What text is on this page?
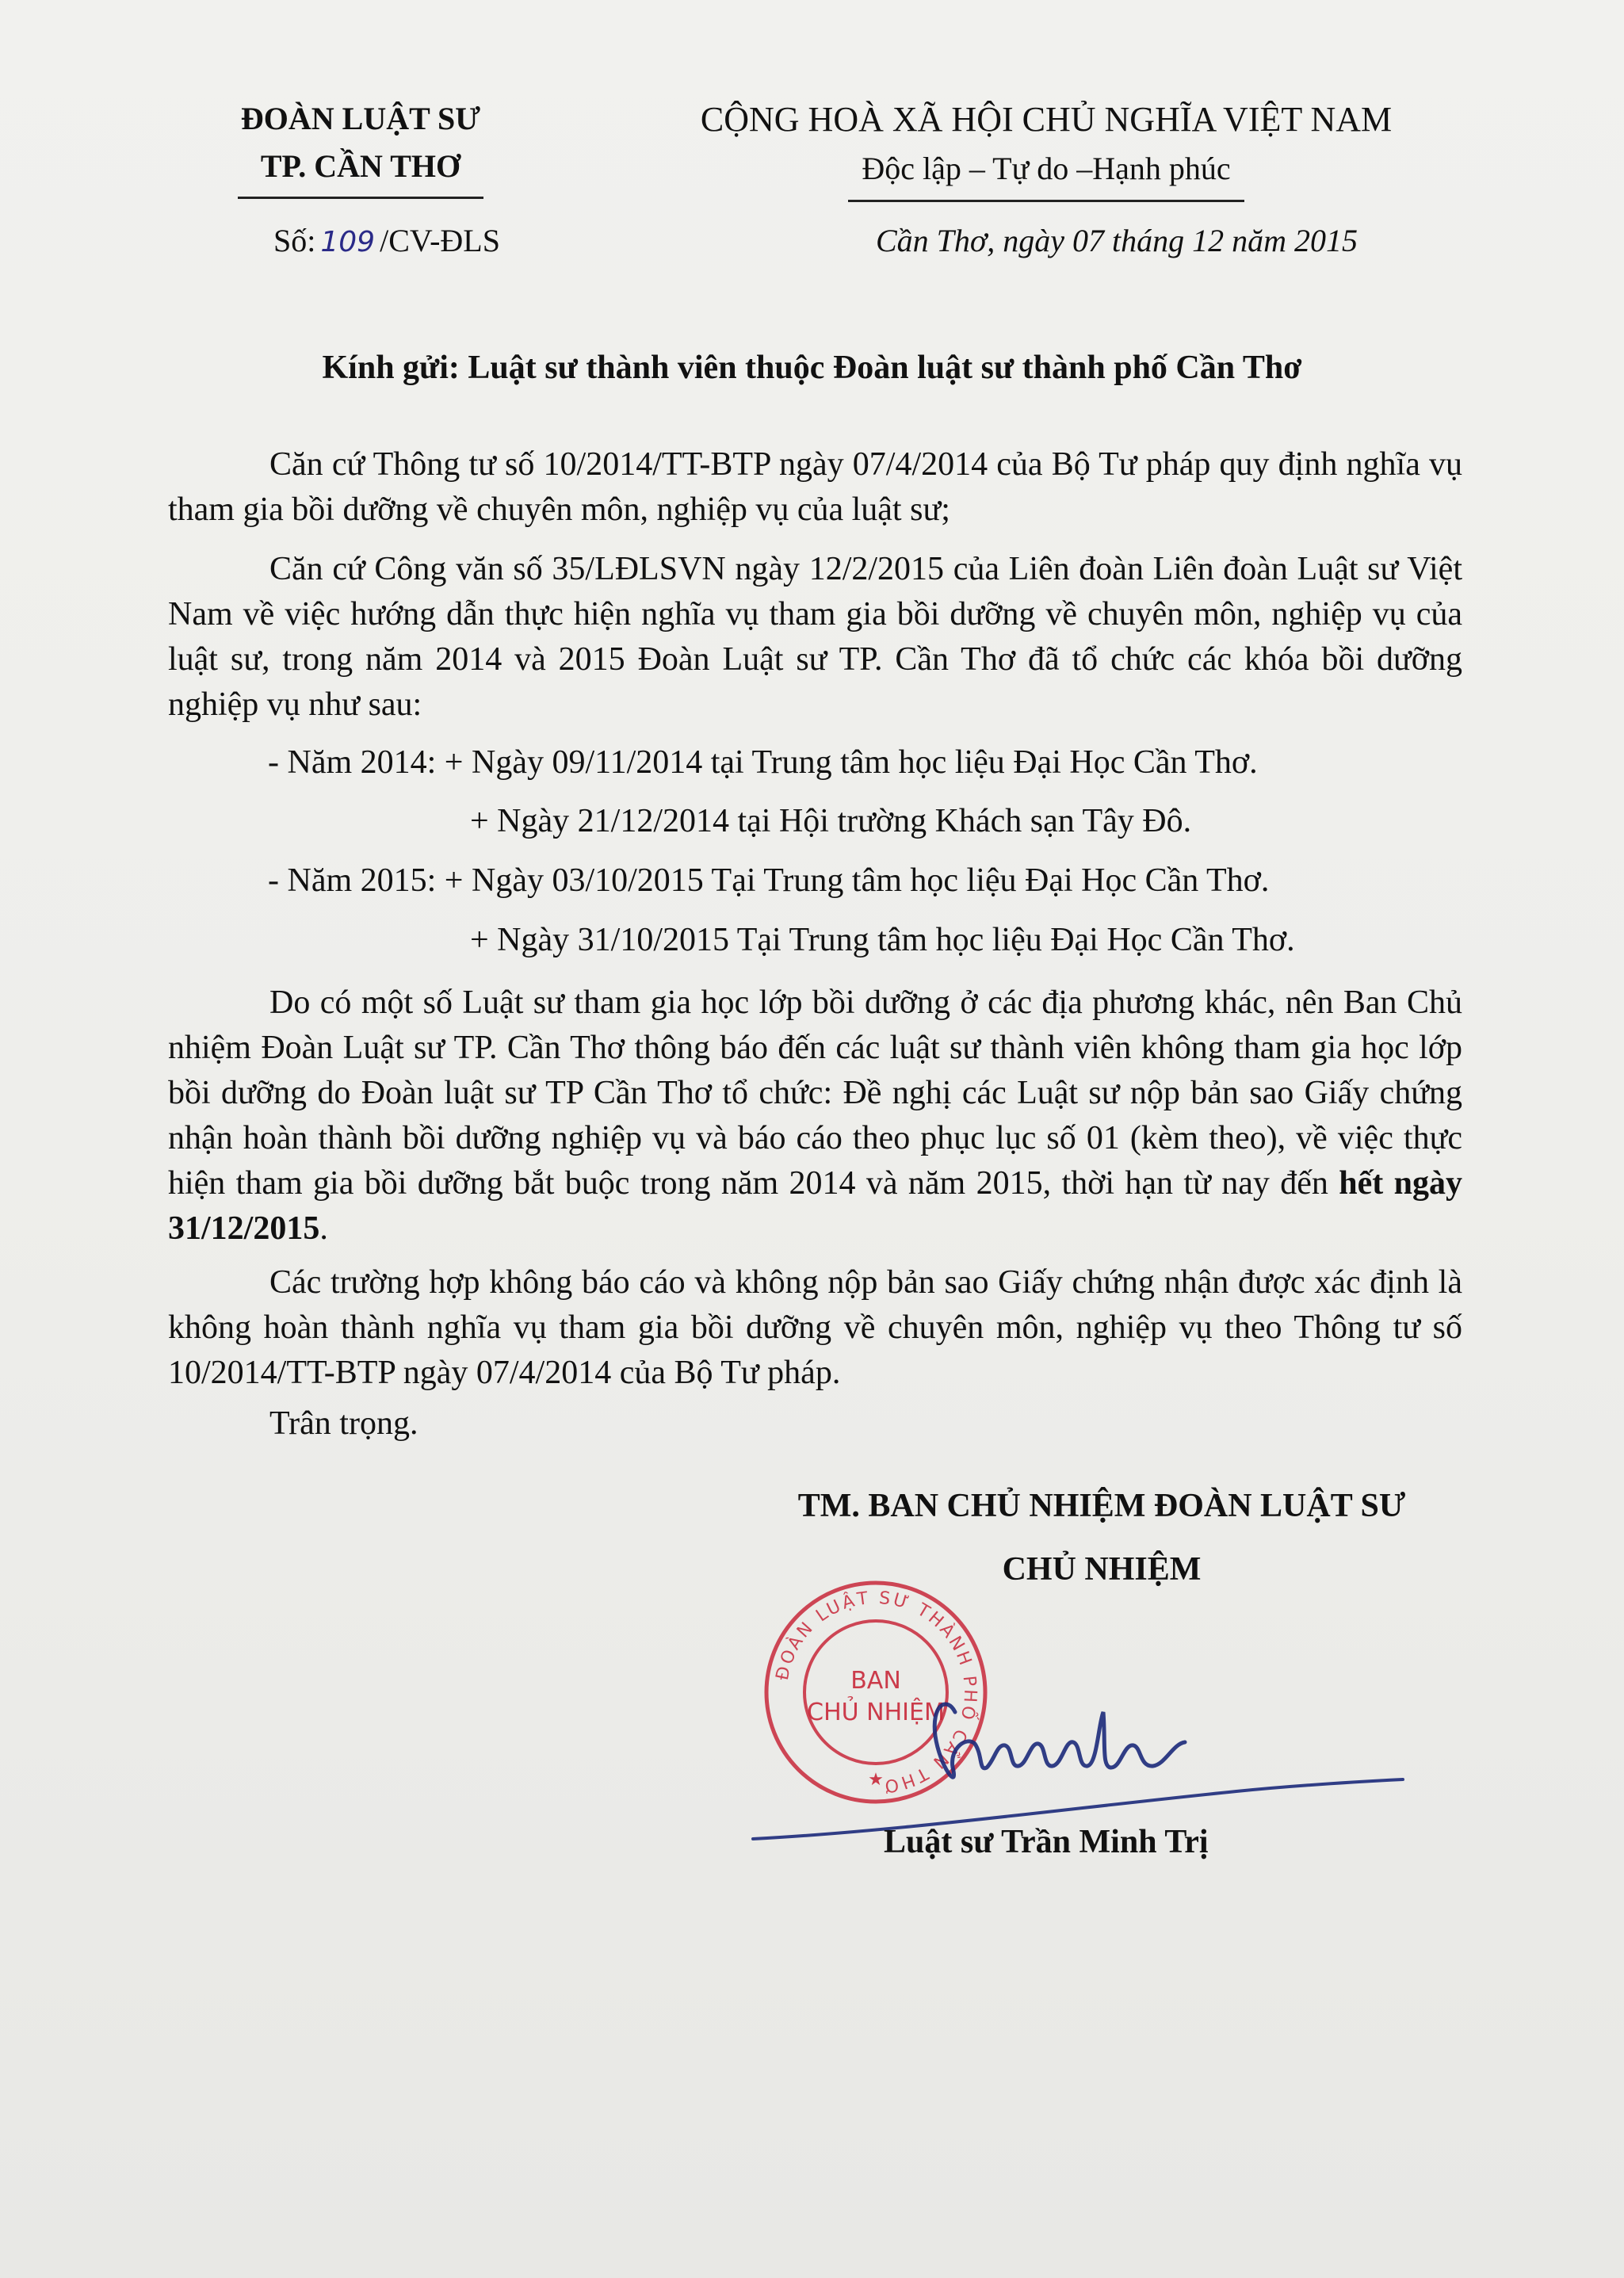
ĐOÀN LUẬT SƯ
TP. CẦN THƠ
CỘNG HOÀ XÃ HỘI CHỦ NGHĨA VIỆT NAM
Độc lập – Tự do –Hạnh phúc
Số: 109 /CV-ĐLS	Cần Thơ, ngày 07 tháng 12 năm 2015
Kính gửi: Luật sư thành viên thuộc Đoàn luật sư thành phố Cần Thơ
Căn cứ Thông tư số 10/2014/TT-BTP ngày 07/4/2014 của Bộ Tư pháp quy định nghĩa vụ tham gia bồi dưỡng về chuyên môn, nghiệp vụ của luật sư;
Căn cứ Công văn số 35/LĐLSVN ngày 12/2/2015 của Liên đoàn Liên đoàn Luật sư Việt Nam về việc hướng dẫn thực hiện nghĩa vụ tham gia bồi dưỡng về chuyên môn, nghiệp vụ của luật sư, trong năm 2014 và 2015 Đoàn Luật sư TP. Cần Thơ đã tổ chức các khóa bồi dưỡng nghiệp vụ như sau:
- Năm 2014: + Ngày 09/11/2014 tại Trung tâm học liệu Đại Học Cần Thơ.
+ Ngày 21/12/2014 tại Hội trường Khách sạn Tây Đô.
- Năm 2015: + Ngày 03/10/2015 Tại Trung tâm học liệu Đại Học Cần Thơ.
+ Ngày 31/10/2015 Tại Trung tâm học liệu Đại Học Cần Thơ.
Do có một số Luật sư tham gia học lớp bồi dưỡng ở các địa phương khác, nên Ban Chủ nhiệm Đoàn Luật sư TP. Cần Thơ thông báo đến các luật sư thành viên không tham gia học lớp bồi dưỡng do Đoàn luật sư TP Cần Thơ tổ chức: Đề nghị các Luật sư nộp bản sao Giấy chứng nhận hoàn thành bồi dưỡng nghiệp vụ và báo cáo theo phục lục số 01 (kèm theo), về việc thực hiện tham gia bồi dưỡng bắt buộc trong năm 2014 và năm 2015, thời hạn từ nay đến hết ngày 31/12/2015.
Các trường hợp không báo cáo và không nộp bản sao Giấy chứng nhận được xác định là không hoàn thành nghĩa vụ tham gia bồi dưỡng về chuyên môn, nghiệp vụ theo Thông tư số 10/2014/TT-BTP ngày 07/4/2014 của Bộ Tư pháp.
Trân trọng.
TM. BAN CHỦ NHIỆM ĐOÀN LUẬT SƯ
CHỦ NHIỆM
ĐOÀN LUẬT SƯ THÀNH PHỐ CẦN THƠ
BAN
CHỦ NHIỆM
★
Luật sư Trần Minh Trị
